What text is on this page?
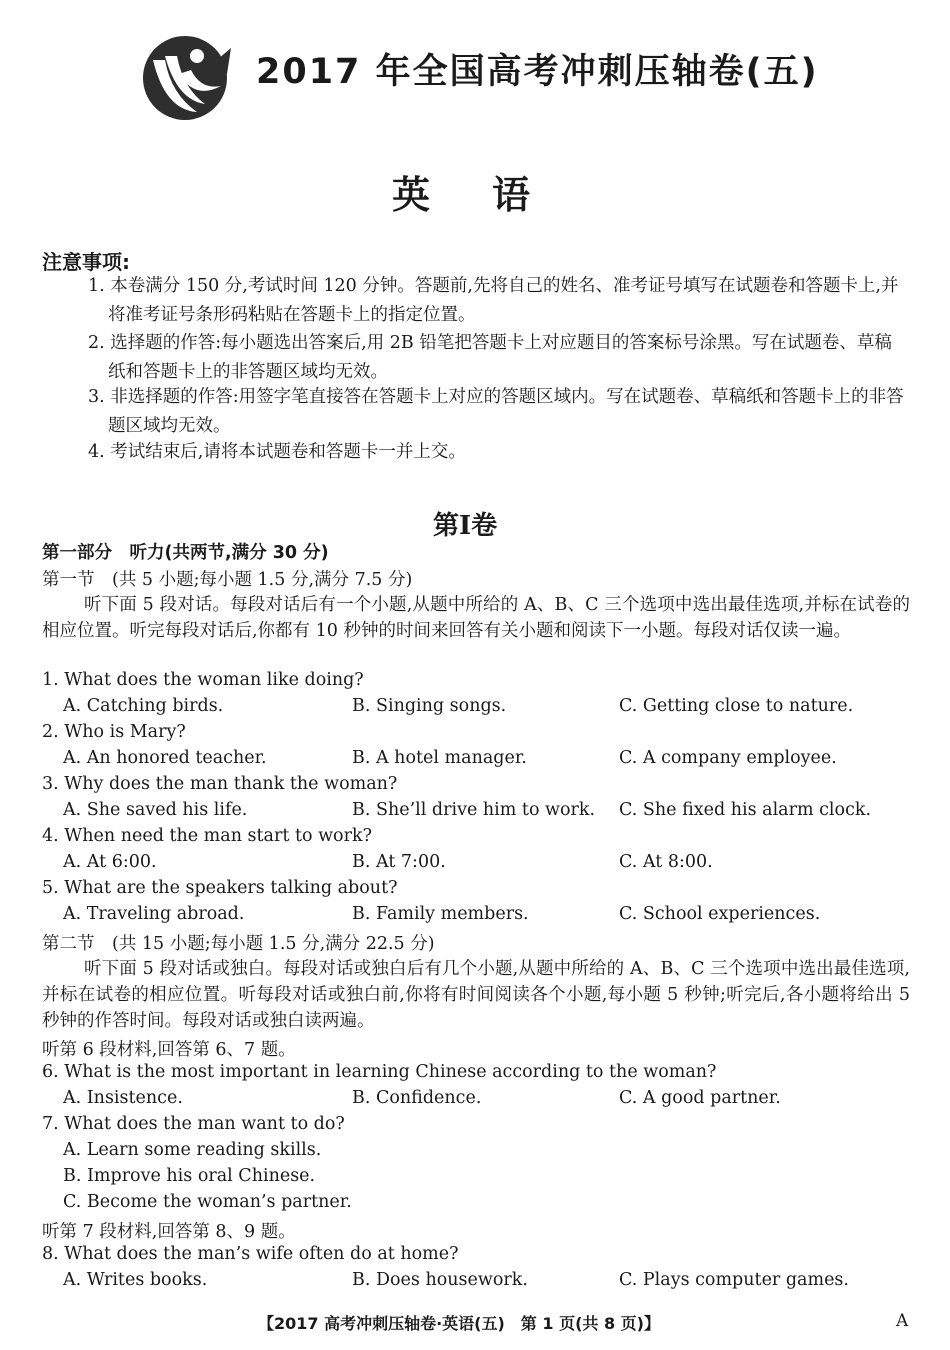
2017 年全国高考冲刺压轴卷(五)
英语
注意事项:
1. 本卷满分 150 分,考试时间 120 分钟。答题前,先将自己的姓名、准考证号填写在试题卷和答题卡上,并将准考证号条形码粘贴在答题卡上的指定位置。
2. 选择题的作答:每小题选出答案后,用 2B 铅笔把答题卡上对应题目的答案标号涂黑。写在试题卷、草稿纸和答题卡上的非答题区域均无效。
3. 非选择题的作答:用签字笔直接答在答题卡上对应的答题区域内。写在试题卷、草稿纸和答题卡上的非答题区域均无效。
4. 考试结束后,请将本试题卷和答题卡一并上交。
第Ⅰ卷
第一部分　听力(共两节,满分 30 分)
第一节　(共 5 小题;每小题 1.5 分,满分 7.5 分)
听下面 5 段对话。每段对话后有一个小题,从题中所给的 A、B、C 三个选项中选出最佳选项,并标在试卷的相应位置。听完每段对话后,你都有 10 秒钟的时间来回答有关小题和阅读下一小题。每段对话仅读一遍。
1. What does the woman like doing?
A. Catching birds.	B. Singing songs.	C. Getting close to nature.
2. Who is Mary?
A. An honored teacher.	B. A hotel manager.	C. A company employee.
3. Why does the man thank the woman?
A. She saved his life.	B. She’ll drive him to work. C. She fixed his alarm clock.
4. When need the man start to work?
A. At 6:00.	B. At 7:00.	C. At 8:00.
5. What are the speakers talking about?
A. Traveling abroad.	B. Family members.	C. School experiences.
第二节　(共 15 小题;每小题 1.5 分,满分 22.5 分)
听下面 5 段对话或独白。每段对话或独白后有几个小题,从题中所给的 A、B、C 三个选项中选出最佳选项,并标在试卷的相应位置。听每段对话或独白前,你将有时间阅读各个小题,每小题 5 秒钟;听完后,各小题将给出 5 秒钟的作答时间。每段对话或独白读两遍。
听第 6 段材料,回答第 6、7 题。
6. What is the most important in learning Chinese according to the woman?
A. Insistence.	B. Confidence.	C. A good partner.
7. What does the man want to do?
A. Learn some reading skills.
B. Improve his oral Chinese.
C. Become the woman’s partner.
听第 7 段材料,回答第 8、9 题。
8. What does the man’s wife often do at home?
A. Writes books.	B. Does housework.	C. Plays computer games.
【2017 高考冲刺压轴卷·英语(五)　第 1 页(共 8 页)】	A
